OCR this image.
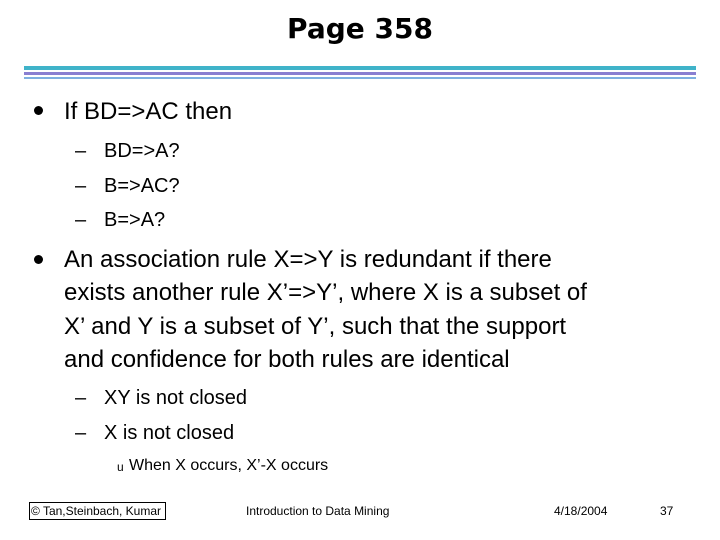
Page 358
If BD=>AC then
– BD=>A?
– B=>AC?
– B=>A?
An association rule X=>Y is redundant if there
exists another rule X’=>Y’, where X is a subset of
X’ and Y is a subset of Y’, such that the support
and confidence for both rules are identical
– XY is not closed
– X is not closed
u When X occurs, X’-X occurs
© Tan,Steinbach, Kumar	Introduction to Data Mining	4/18/2004	37
